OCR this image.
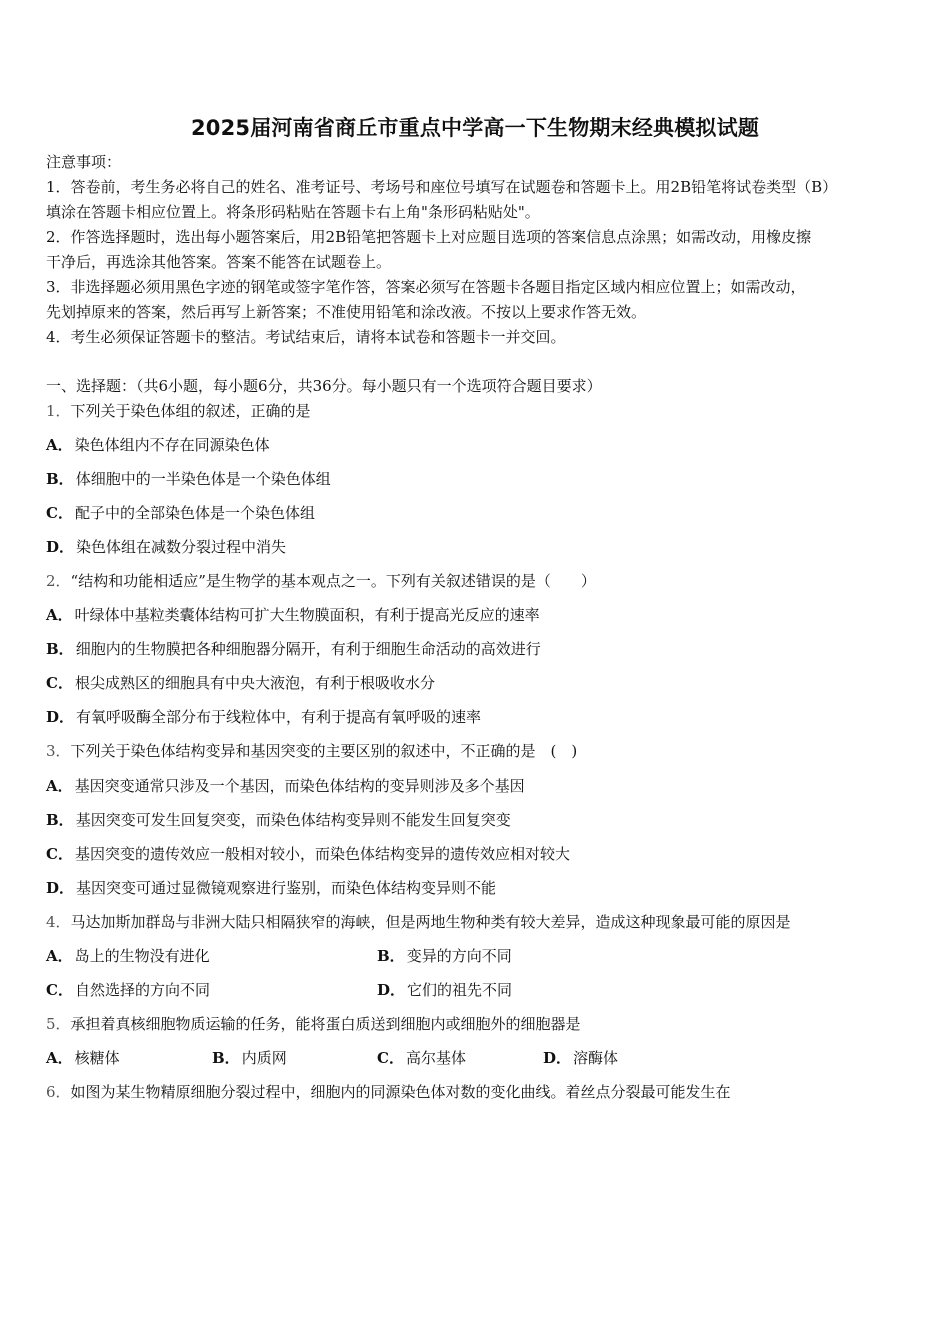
2025届河南省商丘市重点中学高一下生物期末经典模拟试题
注意事项：
1．答卷前，考生务必将自己的姓名、准考证号、考场号和座位号填写在试题卷和答题卡上。用2B铅笔将试卷类型（B）
填涂在答题卡相应位置上。将条形码粘贴在答题卡右上角"条形码粘贴处"。
2．作答选择题时，选出每小题答案后，用2B铅笔把答题卡上对应题目选项的答案信息点涂黑；如需改动，用橡皮擦
干净后，再选涂其他答案。答案不能答在试题卷上。
3．非选择题必须用黑色字迹的钢笔或签字笔作答，答案必须写在答题卡各题目指定区域内相应位置上；如需改动，
先划掉原来的答案，然后再写上新答案；不准使用铅笔和涂改液。不按以上要求作答无效。
4．考生必须保证答题卡的整洁。考试结束后，请将本试卷和答题卡一并交回。
一、选择题：（共6小题，每小题6分，共36分。每小题只有一个选项符合题目要求）
1．下列关于染色体组的叙述，正确的是
A． 染色体组内不存在同源染色体
B． 体细胞中的一半染色体是一个染色体组
C． 配子中的全部染色体是一个染色体组
D． 染色体组在减数分裂过程中消失
2．“结构和功能相适应”是生物学的基本观点之一。下列有关叙述错误的是（　　）
A． 叶绿体中基粒类囊体结构可扩大生物膜面积，有利于提高光反应的速率
B． 细胞内的生物膜把各种细胞器分隔开，有利于细胞生命活动的高效进行
C． 根尖成熟区的细胞具有中央大液泡，有利于根吸收水分
D． 有氧呼吸酶全部分布于线粒体中，有利于提高有氧呼吸的速率
3．下列关于染色体结构变异和基因突变的主要区别的叙述中，不正确的是　(　)
A． 基因突变通常只涉及一个基因，而染色体结构的变异则涉及多个基因
B． 基因突变可发生回复突变，而染色体结构变异则不能发生回复突变
C． 基因突变的遗传效应一般相对较小，而染色体结构变异的遗传效应相对较大
D． 基因突变可通过显微镜观察进行鉴别，而染色体结构变异则不能
4．马达加斯加群岛与非洲大陆只相隔狭窄的海峡，但是两地生物种类有较大差异，造成这种现象最可能的原因是
A． 岛上的生物没有进化	B． 变异的方向不同
C． 自然选择的方向不同	D． 它们的祖先不同
5．承担着真核细胞物质运输的任务，能将蛋白质送到细胞内或细胞外的细胞器是
A． 核糖体	B． 内质网	C． 高尔基体	D． 溶酶体
6．如图为某生物精原细胞分裂过程中，细胞内的同源染色体对数的变化曲线。着丝点分裂最可能发生在
